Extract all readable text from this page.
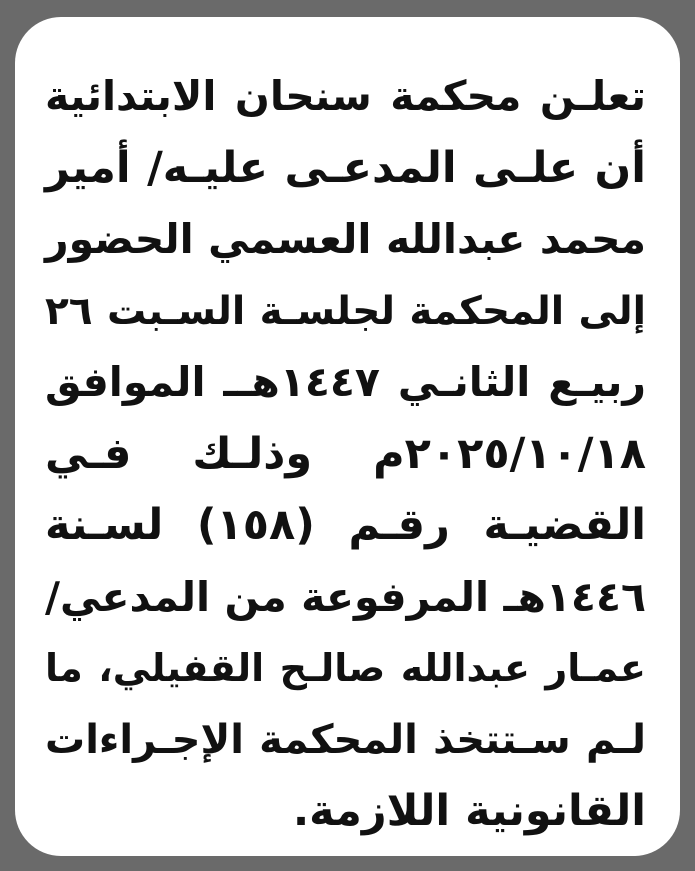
تعلـن محكمة سنحان الابتدائية
أن علـى المدعـى عليـه/ أمير
محمد عبدالله العسمي الحضور
إلى المحكمة لجلسـة السـبت ٢٦
ربيـع الثانـي ١٤٤٧هــ الموافق
٢٠٢٥/١٠/١٨م وذلـك فـي
القضيـة رقـم (١٥٨) لسـنة
١٤٤٦هـ المرفوعة من المدعي/
عمـار عبدالله صالـح القفيلي، ما
لـم سـتتخذ المحكمة الإجـراءات
القانونية اللازمة.
